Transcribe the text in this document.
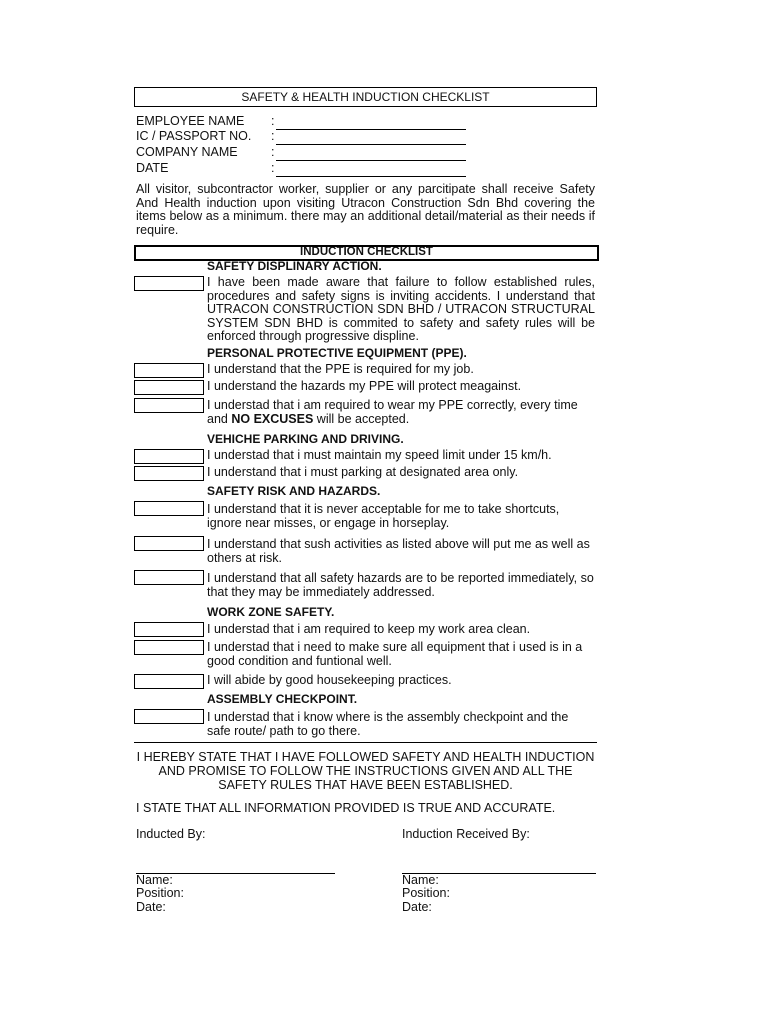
SAFETY & HEALTH INDUCTION CHECKLIST
EMPLOYEE NAME :
IC / PASSPORT NO. :
COMPANY NAME	:
DATE	:
All visitor, subcontractor worker, supplier or any parcitipate shall receive Safety And Health induction upon visiting Utracon Construction Sdn Bhd covering the items below as a minimum. there may an additional detail/material as their needs if require.
INDUCTION CHECKLIST
SAFETY DISPLINARY ACTION.
I have been made aware that failure to follow established rules, procedures and safety signs is inviting accidents. I understand that UTRACON CONSTRUCTION SDN BHD / UTRACON STRUCTURAL SYSTEM SDN BHD is commited to safety and safety rules will be enforced through progressive displine.
PERSONAL PROTECTIVE EQUIPMENT (PPE).
I understand that the PPE is required for my job.
I understand the hazards my PPE will protect meagainst.
I understad that i am required to wear my PPE correctly, every time and NO EXCUSES will be accepted.
VEHICHE PARKING AND DRIVING.
I understad that i must maintain my speed limit under 15 km/h.
I understand that i must parking at designated area only.
SAFETY RISK AND HAZARDS.
I understand that it is never acceptable for me to take shortcuts, ignore near misses, or engage in horseplay.
I understand that sush activities as listed above will put me as well as others at risk.
I understand that all safety hazards are to be reported immediately, so that they may be immediately addressed.
WORK ZONE SAFETY.
I understad that i am required to keep my work area clean.
I understad that i need to make sure all equipment that i used is in a good condition and funtional well.
I will abide by good housekeeping practices.
ASSEMBLY CHECKPOINT.
I understad that i know where is the assembly checkpoint and the safe route/ path to go there.
I HEREBY STATE THAT I HAVE FOLLOWED SAFETY AND HEALTH INDUCTION AND PROMISE TO FOLLOW THE INSTRUCTIONS GIVEN AND ALL THE SAFETY RULES THAT HAVE BEEN ESTABLISHED.
I STATE THAT ALL INFORMATION PROVIDED IS TRUE AND ACCURATE.
Inducted By:
Name:
Position:
Date:
Induction Received By:
Name:
Position:
Date:
